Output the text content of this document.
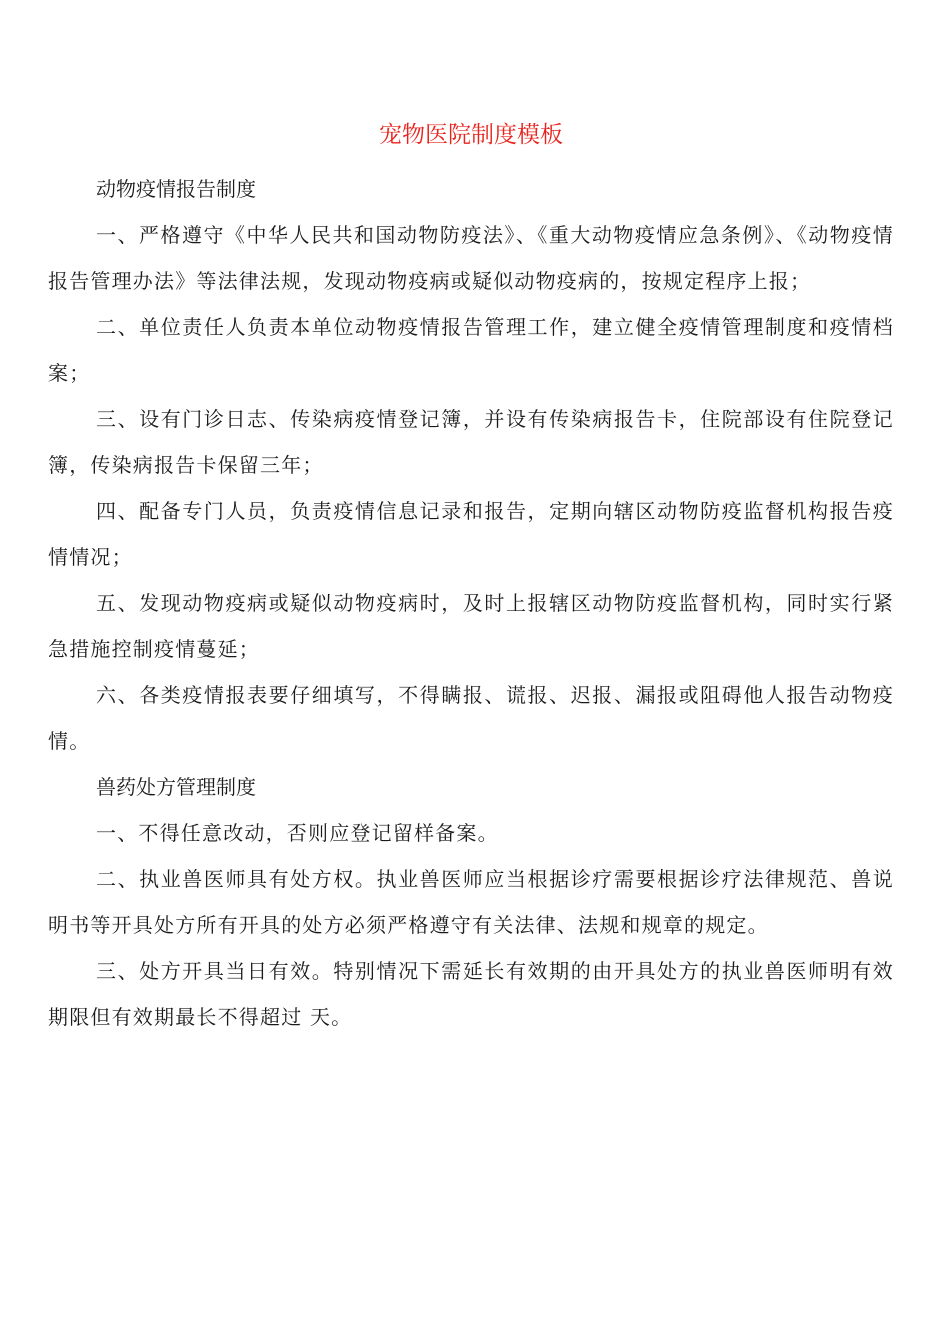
宠物医院制度模板

动物疫情报告制度

一、严格遵守《中华人民共和国动物防疫法》、《重大动物疫情应急条例》、《动物疫情报告管理办法》等法律法规，发现动物疫病或疑似动物疫病的，按规定程序上报；

二、单位责任人负责本单位动物疫情报告管理工作，建立健全疫情管理制度和疫情档案；

三、设有门诊日志、传染病疫情登记簿，并设有传染病报告卡，住院部设有住院登记簿，传染病报告卡保留三年；

四、配备专门人员，负责疫情信息记录和报告，定期向辖区动物防疫监督机构报告疫情情况；

五、发现动物疫病或疑似动物疫病时，及时上报辖区动物防疫监督机构，同时实行紧急措施控制疫情蔓延；

六、各类疫情报表要仔细填写，不得瞒报、谎报、迟报、漏报或阻碍他人报告动物疫情。

兽药处方管理制度

一、不得任意改动，否则应登记留样备案。

二、执业兽医师具有处方权。执业兽医师应当根据诊疗需要根据诊疗法律规范、兽说明书等开具处方所有开具的处方必须严格遵守有关法律、法规和规章的规定。

三、处方开具当日有效。特别情况下需延长有效期的由开具处方的执业兽医师明有效期限但有效期最长不得超过 天。
